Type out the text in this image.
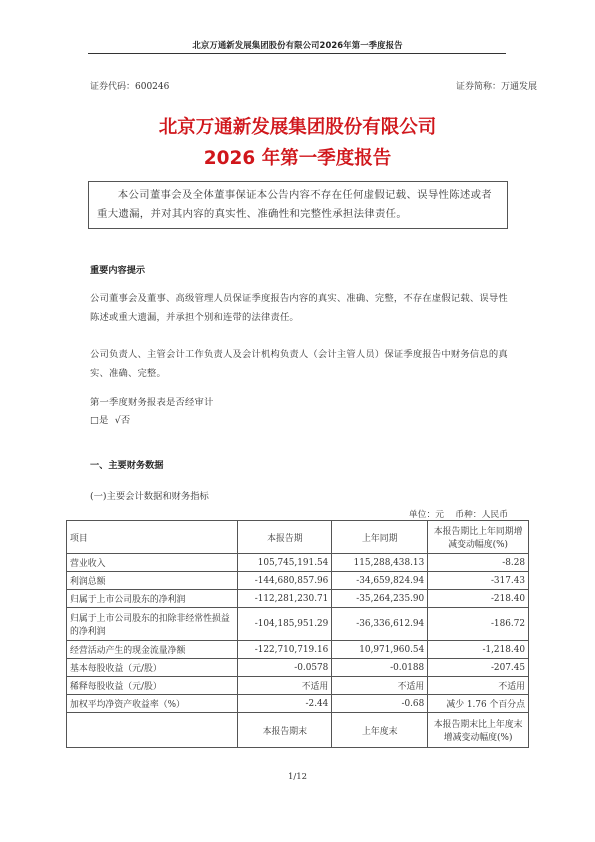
北京万通新发展集团股份有限公司2026年第一季度报告
证券代码：600246	证券简称：万通发展
北京万通新发展集团股份有限公司
2026 年第一季度报告
本公司董事会及全体董事保证本公告内容不存在任何虚假记载、误导性陈述或者重大遗漏，并对其内容的真实性、准确性和完整性承担法律责任。
重要内容提示
公司董事会及董事、高级管理人员保证季度报告内容的真实、准确、完整，不存在虚假记载、误导性陈述或重大遗漏，并承担个别和连带的法律责任。
公司负责人、主管会计工作负责人及会计机构负责人（会计主管人员）保证季度报告中财务信息的真实、准确、完整。
第一季度财务报表是否经审计
□是  √否
一、主要财务数据
(一)主要会计数据和财务指标
单位：元    币种：人民币
项目	本报告期	上年同期	本报告期比上年同期增减变动幅度(%)
营业收入	105,745,191.54	115,288,438.13	-8.28
利润总额	-144,680,857.96	-34,659,824.94	-317.43
归属于上市公司股东的净利润	-112,281,230.71	-35,264,235.90	-218.40
归属于上市公司股东的扣除非经常性损益的净利润	-104,185,951.29	-36,336,612.94	-186.72
经营活动产生的现金流量净额	-122,710,719.16	10,971,960.54	-1,218.40
基本每股收益（元/股）	-0.0578	-0.0188	-207.45
稀释每股收益（元/股）	不适用	不适用	不适用
加权平均净资产收益率（%）	-2.44	-0.68	减少 1.76 个百分点
	本报告期末	上年度末	本报告期末比上年度末增减变动幅度(%)
1/12
